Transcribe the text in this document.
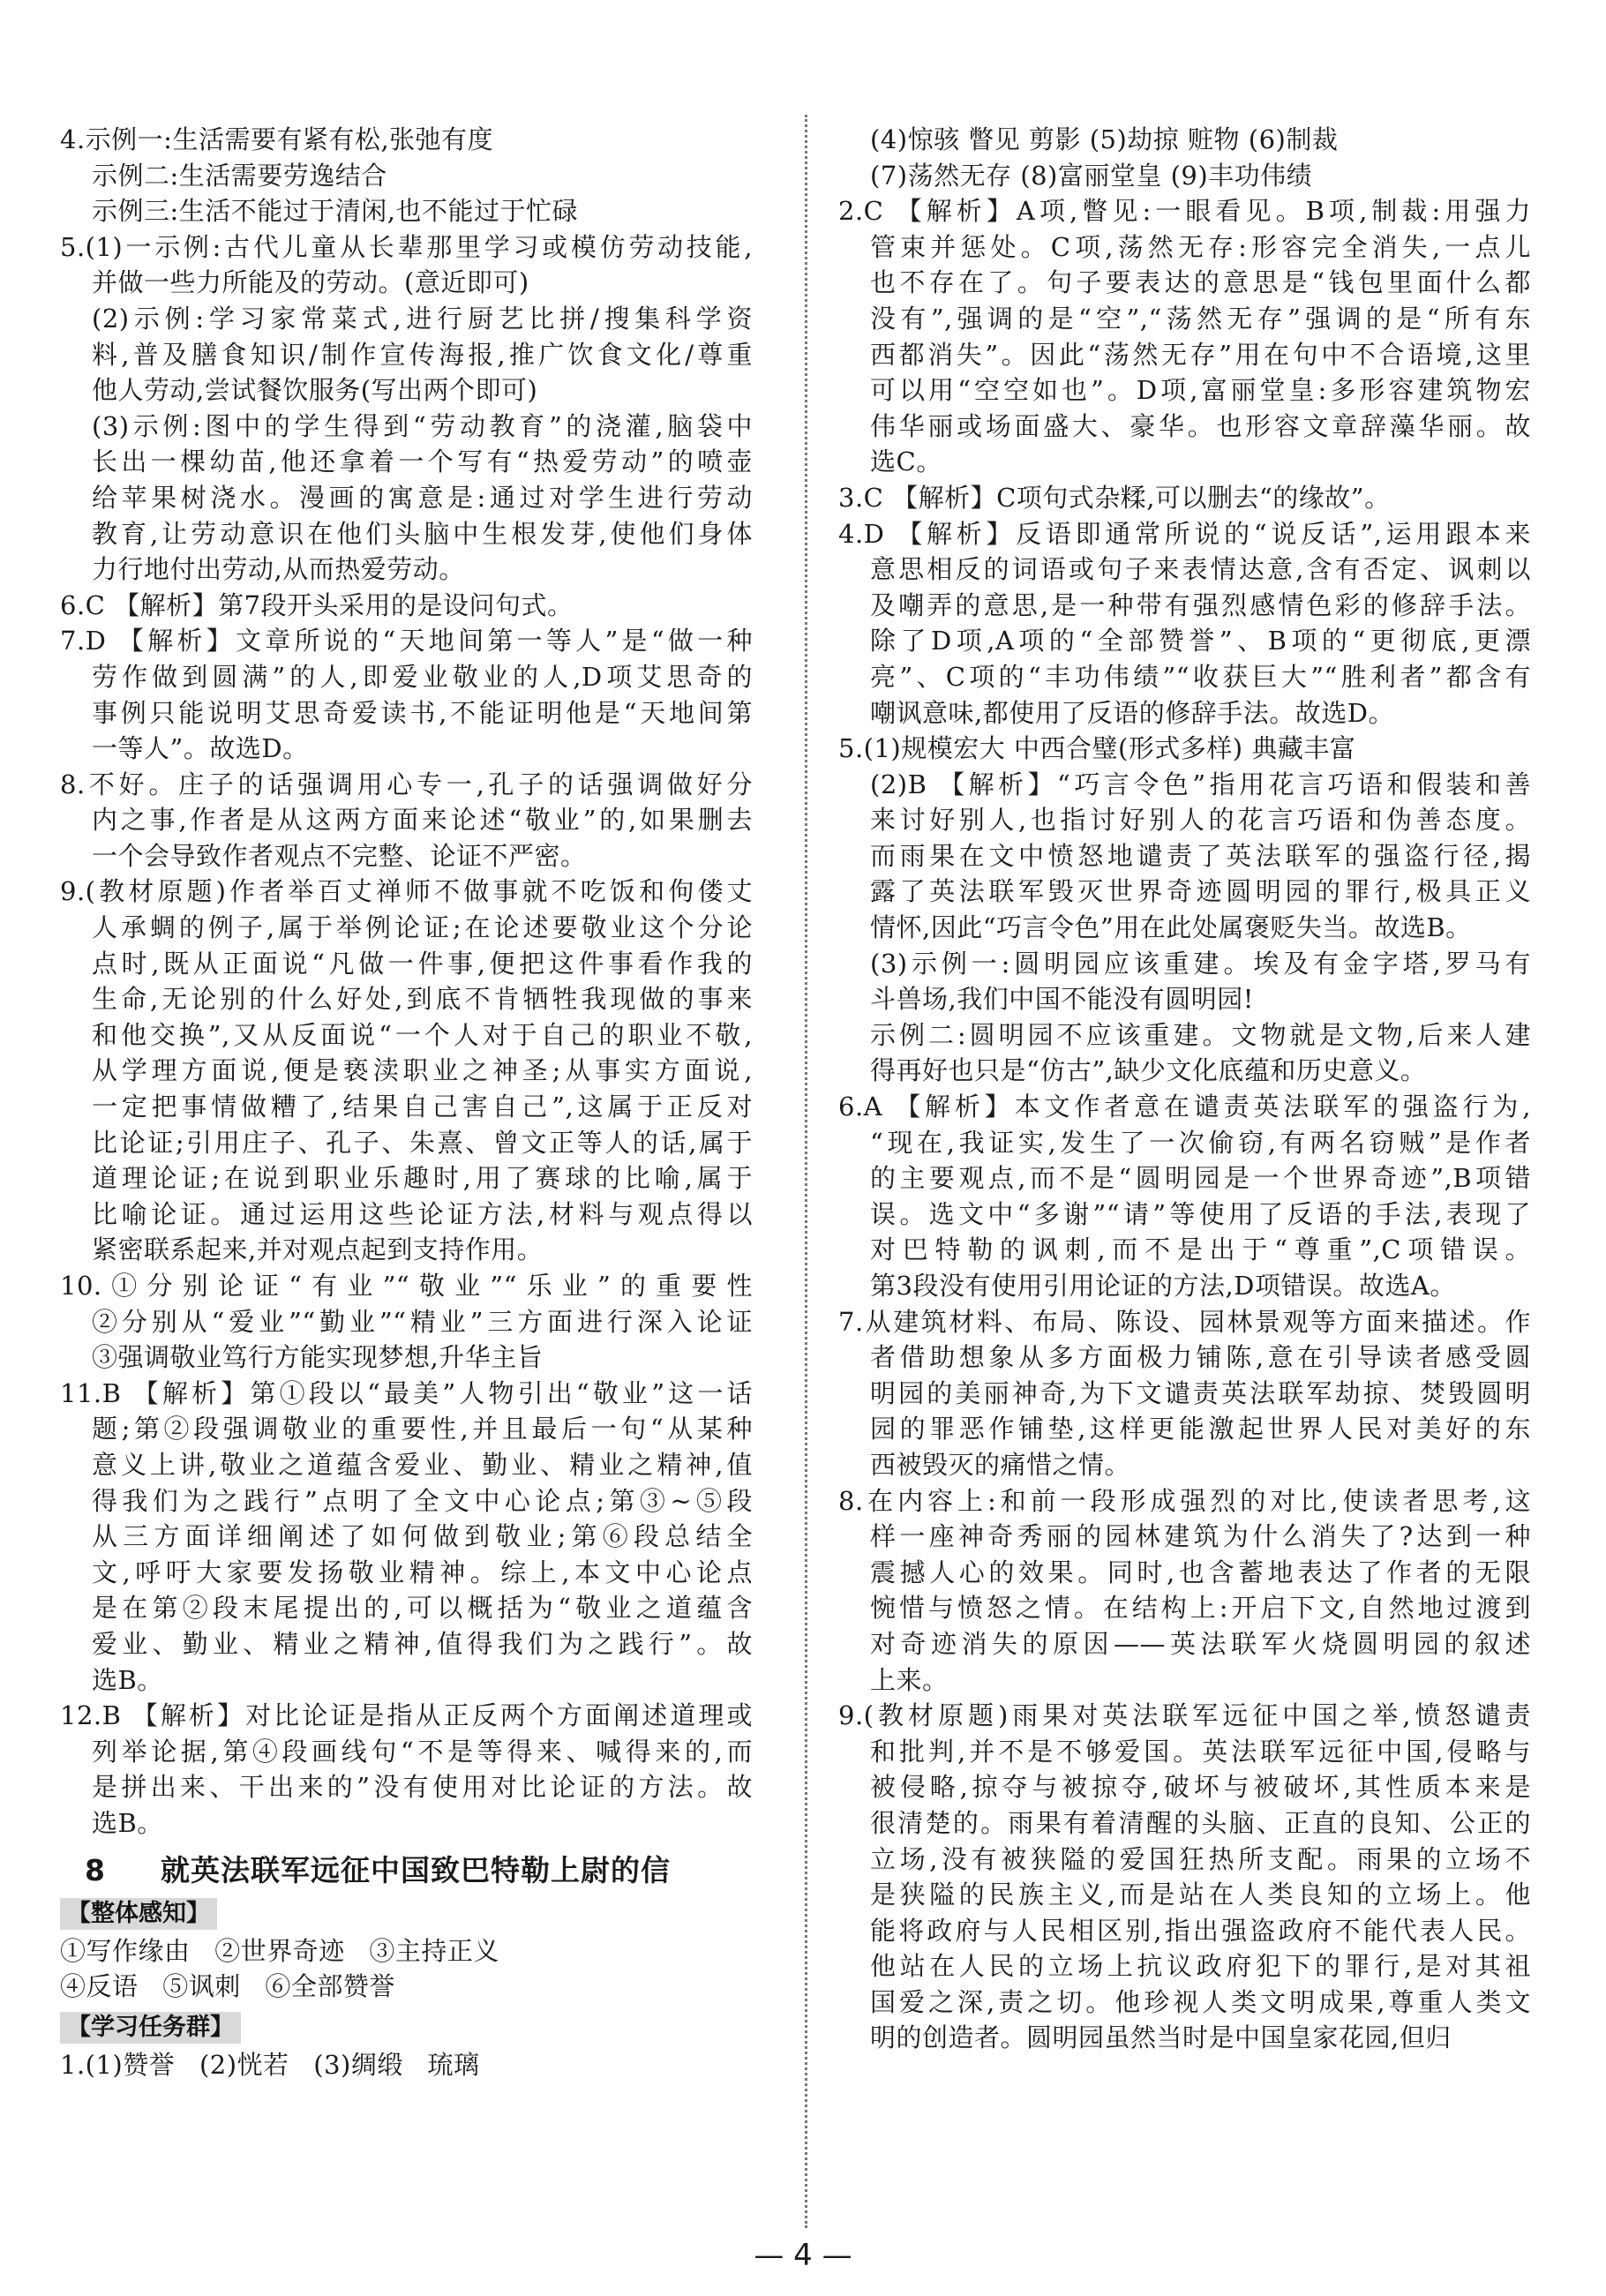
4.示例一:生活需要有紧有松,张弛有度

示例二:生活需要劳逸结合

示例三:生活不能过于清闲,也不能过于忙碌

5.(1)一示例:古代儿童从长辈那里学习或模仿劳动技能,

并做一些力所能及的劳动。(意近即可)

(2)示例:学习家常菜式,进行厨艺比拼/搜集科学资

料,普及膳食知识/制作宣传海报,推广饮食文化/尊重

他人劳动,尝试餐饮服务(写出两个即可)

(3)示例:图中的学生得到“劳动教育”的浇灌,脑袋中

长出一棵幼苗,他还拿着一个写有“热爱劳动”的喷壶

给苹果树浇水。漫画的寓意是:通过对学生进行劳动

教育,让劳动意识在他们头脑中生根发芽,使他们身体

力行地付出劳动,从而热爱劳动。

6.C 【解析】第7段开头采用的是设问句式。

7.D 【解析】文章所说的“天地间第一等人”是“做一种

劳作做到圆满”的人,即爱业敬业的人,D项艾思奇的

事例只能说明艾思奇爱读书,不能证明他是“天地间第

一等人”。故选D。

8.不好。庄子的话强调用心专一,孔子的话强调做好分

内之事,作者是从这两方面来论述“敬业”的,如果删去

一个会导致作者观点不完整、论证不严密。

9.(教材原题)作者举百丈禅师不做事就不吃饭和佝偻丈

人承蜩的例子,属于举例论证;在论述要敬业这个分论

点时,既从正面说“凡做一件事,便把这件事看作我的

生命,无论别的什么好处,到底不肯牺牲我现做的事来

和他交换”,又从反面说“一个人对于自己的职业不敬,

从学理方面说,便是亵渎职业之神圣;从事实方面说,

一定把事情做糟了,结果自己害自己”,这属于正反对

比论证;引用庄子、孔子、朱熹、曾文正等人的话,属于

道理论证;在说到职业乐趣时,用了赛球的比喻,属于

比喻论证。通过运用这些论证方法,材料与观点得以

紧密联系起来,并对观点起到支持作用。

10.①分别论证“有业”“敬业”“乐业”的重要性

②分别从“爱业”“勤业”“精业”三方面进行深入论证

③强调敬业笃行方能实现梦想,升华主旨

11.B 【解析】第①段以“最美”人物引出“敬业”这一话

题;第②段强调敬业的重要性,并且最后一句“从某种

意义上讲,敬业之道蕴含爱业、勤业、精业之精神,值

得我们为之践行”点明了全文中心论点;第③~⑤段

从三方面详细阐述了如何做到敬业;第⑥段总结全

文,呼吁大家要发扬敬业精神。综上,本文中心论点

是在第②段末尾提出的,可以概括为“敬业之道蕴含

爱业、勤业、精业之精神,值得我们为之践行”。故

选B。

12.B 【解析】对比论证是指从正反两个方面阐述道理或

列举论据,第④段画线句“不是等得来、喊得来的,而

是拼出来、干出来的”没有使用对比论证的方法。故

选B。

8 就英法联军远征中国致巴特勒上尉的信
【整体感知】

①写作缘由 ②世界奇迹 ③主持正义

④反语 ⑤讽刺 ⑥全部赞誉

【学习任务群】

1.(1)赞誉 (2)恍若 (3)绸缎 琉璃

(4)惊骇 瞥见 剪影 (5)劫掠 赃物 (6)制裁

(7)荡然无存 (8)富丽堂皇 (9)丰功伟绩

2.C 【解析】A项,瞥见:一眼看见。B项,制裁:用强力

管束并惩处。C项,荡然无存:形容完全消失,一点儿

也不存在了。句子要表达的意思是“钱包里面什么都

没有”,强调的是“空”,“荡然无存”强调的是“所有东

西都消失”。因此“荡然无存”用在句中不合语境,这里

可以用“空空如也”。D项,富丽堂皇:多形容建筑物宏

伟华丽或场面盛大、豪华。也形容文章辞藻华丽。故

选C。

3.C 【解析】C项句式杂糅,可以删去“的缘故”。

4.D 【解析】反语即通常所说的“说反话”,运用跟本来

意思相反的词语或句子来表情达意,含有否定、讽刺以

及嘲弄的意思,是一种带有强烈感情色彩的修辞手法。

除了D项,A项的“全部赞誉”、B项的“更彻底,更漂

亮”、C项的“丰功伟绩”“收获巨大”“胜利者”都含有

嘲讽意味,都使用了反语的修辞手法。故选D。

5.(1)规模宏大 中西合璧(形式多样) 典藏丰富

(2)B 【解析】“巧言令色”指用花言巧语和假装和善

来讨好别人,也指讨好别人的花言巧语和伪善态度。

而雨果在文中愤怒地谴责了英法联军的强盗行径,揭

露了英法联军毁灭世界奇迹圆明园的罪行,极具正义

情怀,因此“巧言令色”用在此处属褒贬失当。故选B。

(3)示例一:圆明园应该重建。埃及有金字塔,罗马有

斗兽场,我们中国不能没有圆明园!

示例二:圆明园不应该重建。文物就是文物,后来人建

得再好也只是“仿古”,缺少文化底蕴和历史意义。

6.A 【解析】本文作者意在谴责英法联军的强盗行为,

“现在,我证实,发生了一次偷窃,有两名窃贼”是作者

的主要观点,而不是“圆明园是一个世界奇迹”,B项错

误。选文中“多谢”“请”等使用了反语的手法,表现了

对巴特勒的讽刺,而不是出于“尊重”,C项错误。

第3段没有使用引用论证的方法,D项错误。故选A。

7.从建筑材料、布局、陈设、园林景观等方面来描述。作

者借助想象从多方面极力铺陈,意在引导读者感受圆

明园的美丽神奇,为下文谴责英法联军劫掠、焚毁圆明

园的罪恶作铺垫,这样更能激起世界人民对美好的东

西被毁灭的痛惜之情。

8.在内容上:和前一段形成强烈的对比,使读者思考,这

样一座神奇秀丽的园林建筑为什么消失了?达到一种

震撼人心的效果。同时,也含蓄地表达了作者的无限

惋惜与愤怒之情。在结构上:开启下文,自然地过渡到

对奇迹消失的原因——英法联军火烧圆明园的叙述

上来。

9.(教材原题)雨果对英法联军远征中国之举,愤怒谴责

和批判,并不是不够爱国。英法联军远征中国,侵略与

被侵略,掠夺与被掠夺,破坏与被破坏,其性质本来是

很清楚的。雨果有着清醒的头脑、正直的良知、公正的

立场,没有被狭隘的爱国狂热所支配。雨果的立场不

是狭隘的民族主义,而是站在人类良知的立场上。他

能将政府与人民相区别,指出强盗政府不能代表人民。

他站在人民的立场上抗议政府犯下的罪行,是对其祖

国爱之深,责之切。他珍视人类文明成果,尊重人类文

明的创造者。圆明园虽然当时是中国皇家花园,但归

— 4 —
